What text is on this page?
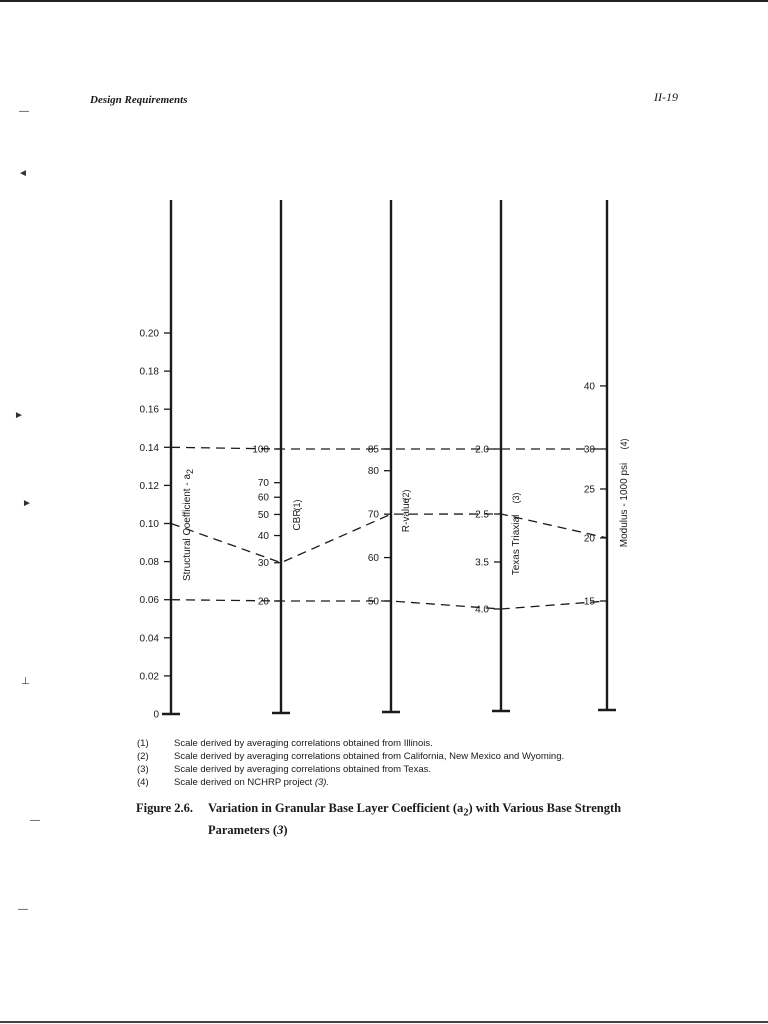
Design Requirements	II-19
—
◄
►
►
⊥
—
—
0.20
0.18
0.16
0.14
0.12
0.10
0.08
0.06
0.04
0.02
0
Structural Coefficient - a2
100
70
60
50
40
30
20
CBR
(1)
85
80
70
60
50
R-value
(2)
2.0
2.5
3.5
4.0
Texas Triaxial
(3)
40
30
25
20
15
Modulus - 1000 psi
(4)
(1)	Scale derived by averaging correlations obtained from Illinois.
(2)	Scale derived by averaging correlations obtained from California, New Mexico and Wyoming.
(3)	Scale derived by averaging correlations obtained from Texas.
(4)	Scale derived on NCHRP project (3).
Figure 2.6. Variation in Granular Base Layer Coefficient $(a_2)$ with Various Base Strength Parameters (3)
